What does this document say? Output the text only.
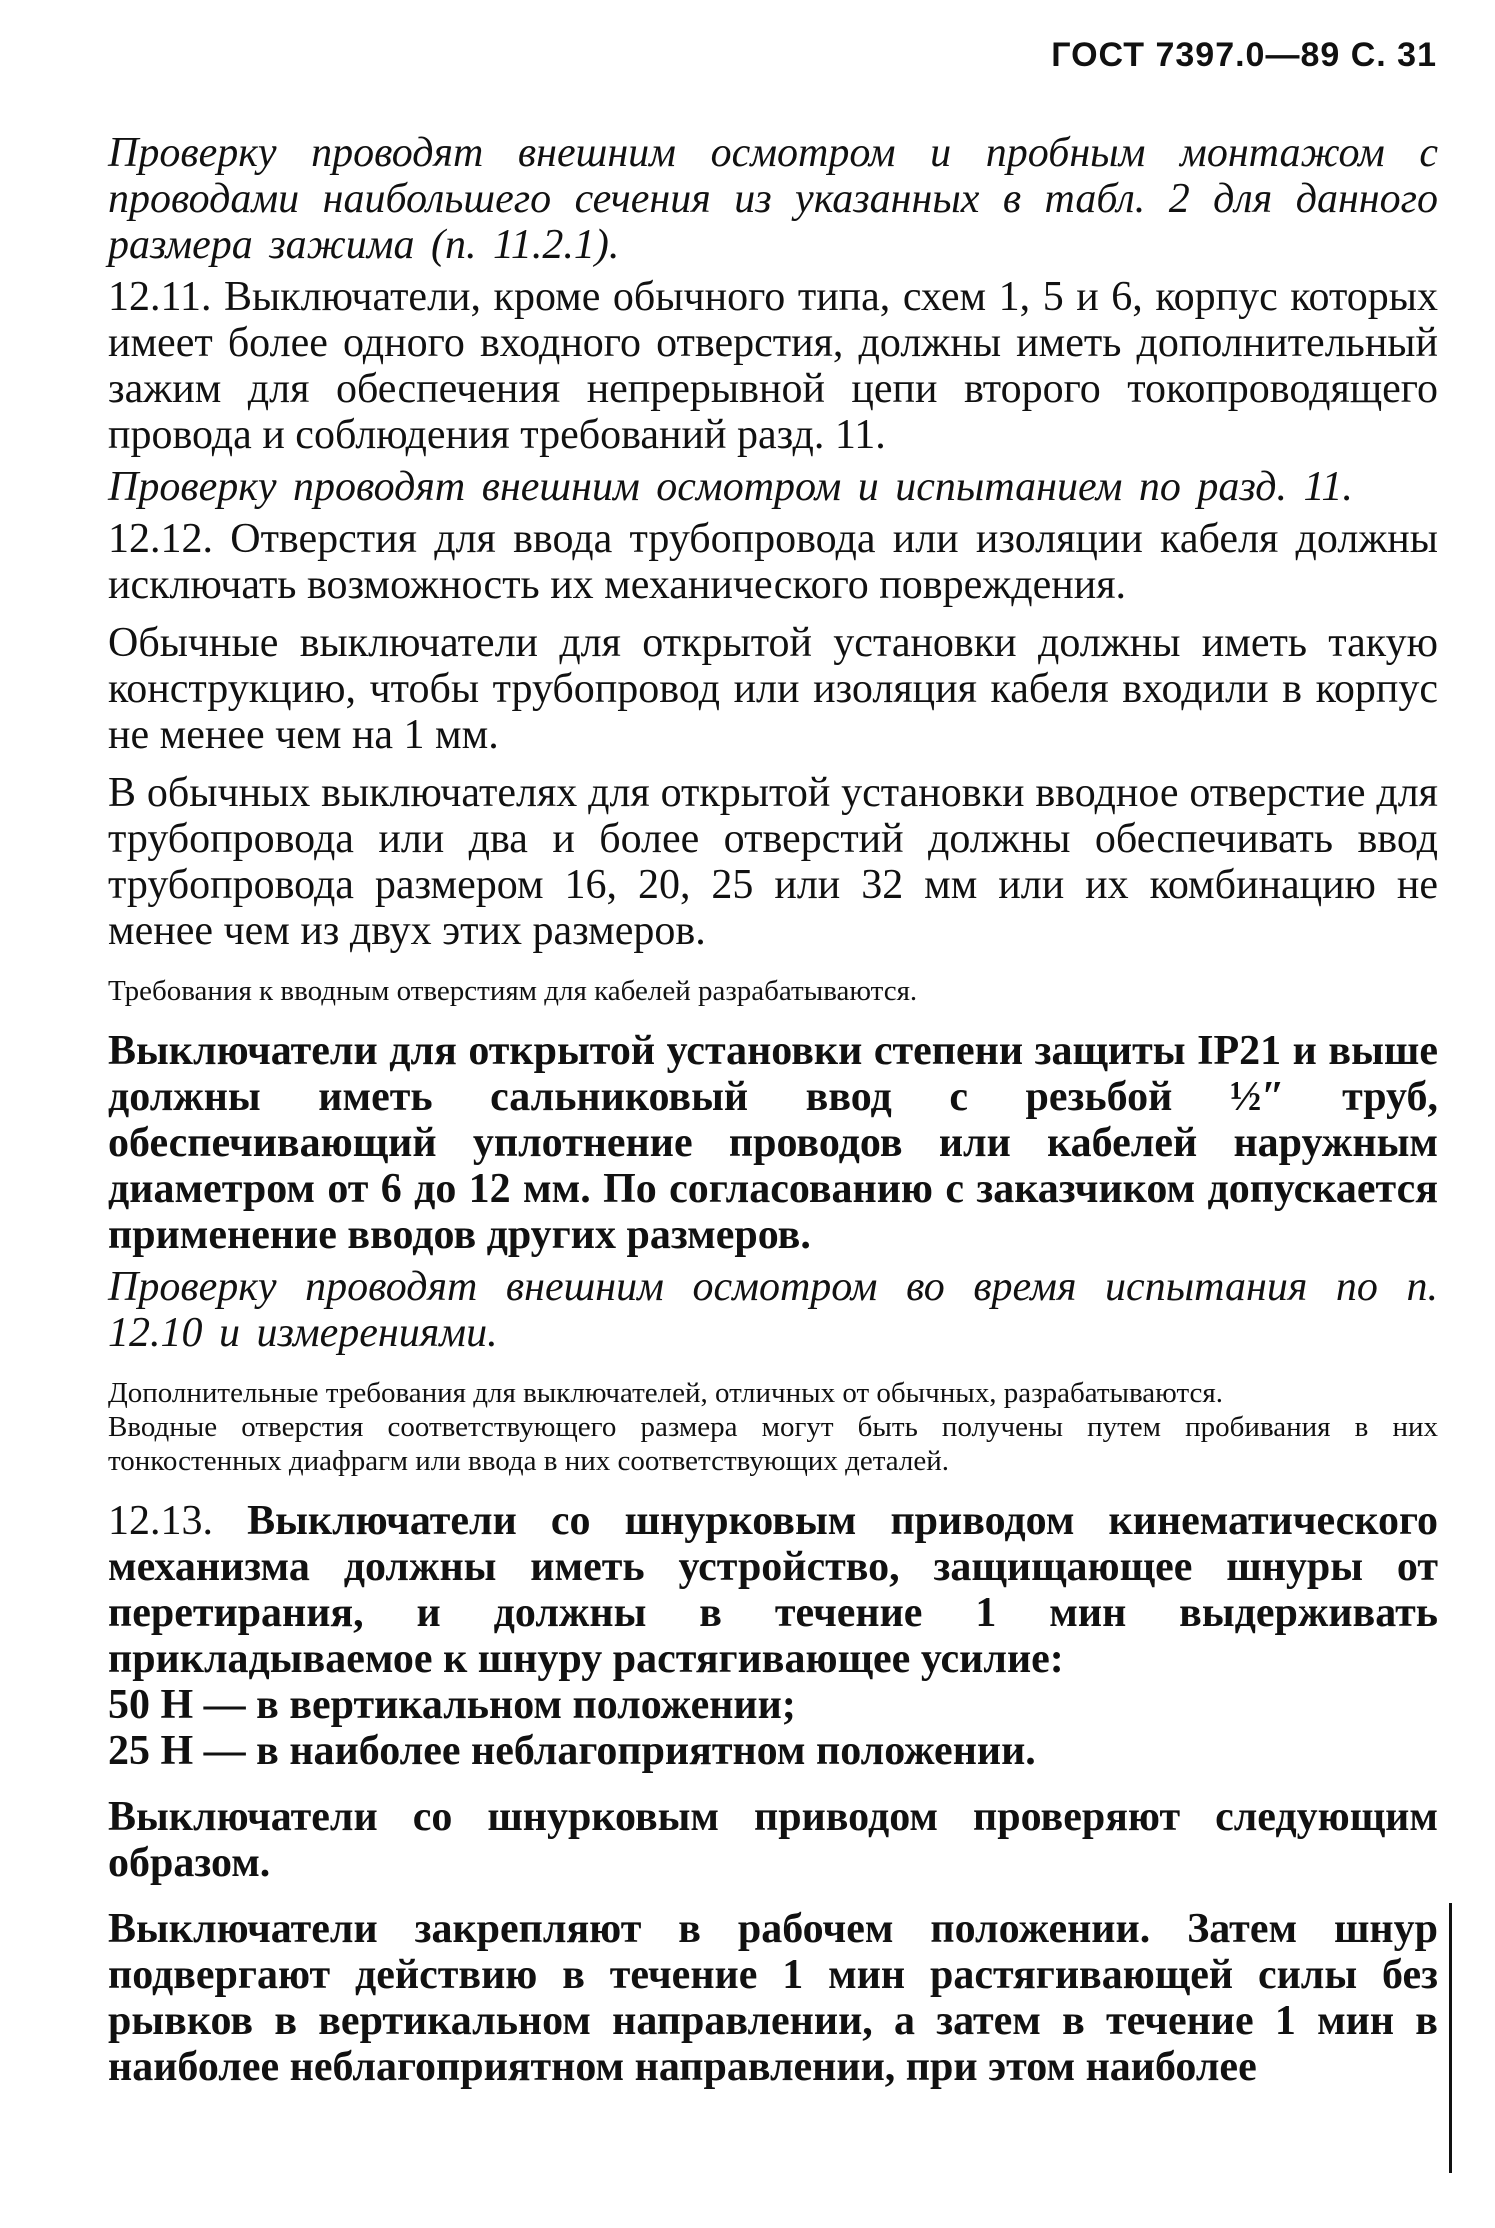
ГОСТ 7397.0—89 С. 31

Проверку проводят внешним осмотром и пробным монтажом с проводами наибольшего сечения из указанных в табл. 2 для данного размера зажима (п. 11.2.1).

12.11. Выключатели, кроме обычного типа, схем 1, 5 и 6, корпус которых имеет более одного входного отверстия, должны иметь дополнительный зажим для обеспечения непрерывной цепи второго токопроводящего провода и соблюдения требований разд. 11.

Проверку проводят внешним осмотром и испытанием по разд. 11.

12.12. Отверстия для ввода трубопровода или изоляции кабеля должны исключать возможность их механического повреждения.

Обычные выключатели для открытой установки должны иметь такую конструкцию, чтобы трубопровод или изоляция кабеля входили в корпус не менее чем на 1 мм.

В обычных выключателях для открытой установки вводное отверстие для трубопровода или два и более отверстий должны обеспечивать ввод трубопровода размером 16, 20, 25 или 32 мм или их комбинацию не менее чем из двух этих размеров.

Требования к вводным отверстиям для кабелей разрабатываются.

Выключатели для открытой установки степени защиты IP21 и выше должны иметь сальниковый ввод с резьбой ½″ труб, обеспечивающий уплотнение проводов или кабелей наружным диаметром от 6 до 12 мм. По согласованию с заказчиком допускается применение вводов других размеров.

Проверку проводят внешним осмотром во время испытания по п. 12.10 и измерениями.

Дополнительные требования для выключателей, отличных от обычных, разрабатываются.

Вводные отверстия соответствующего размера могут быть получены путем пробивания в них тонкостенных диафрагм или ввода в них соответствующих деталей.

12.13. Выключатели со шнурковым приводом кинематического механизма должны иметь устройство, защищающее шнуры от перетирания, и должны в течение 1 мин выдерживать прикладываемое к шнуру растягивающее усилие:

50 Н — в вертикальном положении;

25 Н — в наиболее неблагоприятном положении.

Выключатели со шнурковым приводом проверяют следующим образом.

Выключатели закрепляют в рабочем положении. Затем шнур подвергают действию в течение 1 мин растягивающей силы без рывков в вертикальном направлении, а затем в течение 1 мин в наиболее неблагоприятном направлении, при этом наиболее
